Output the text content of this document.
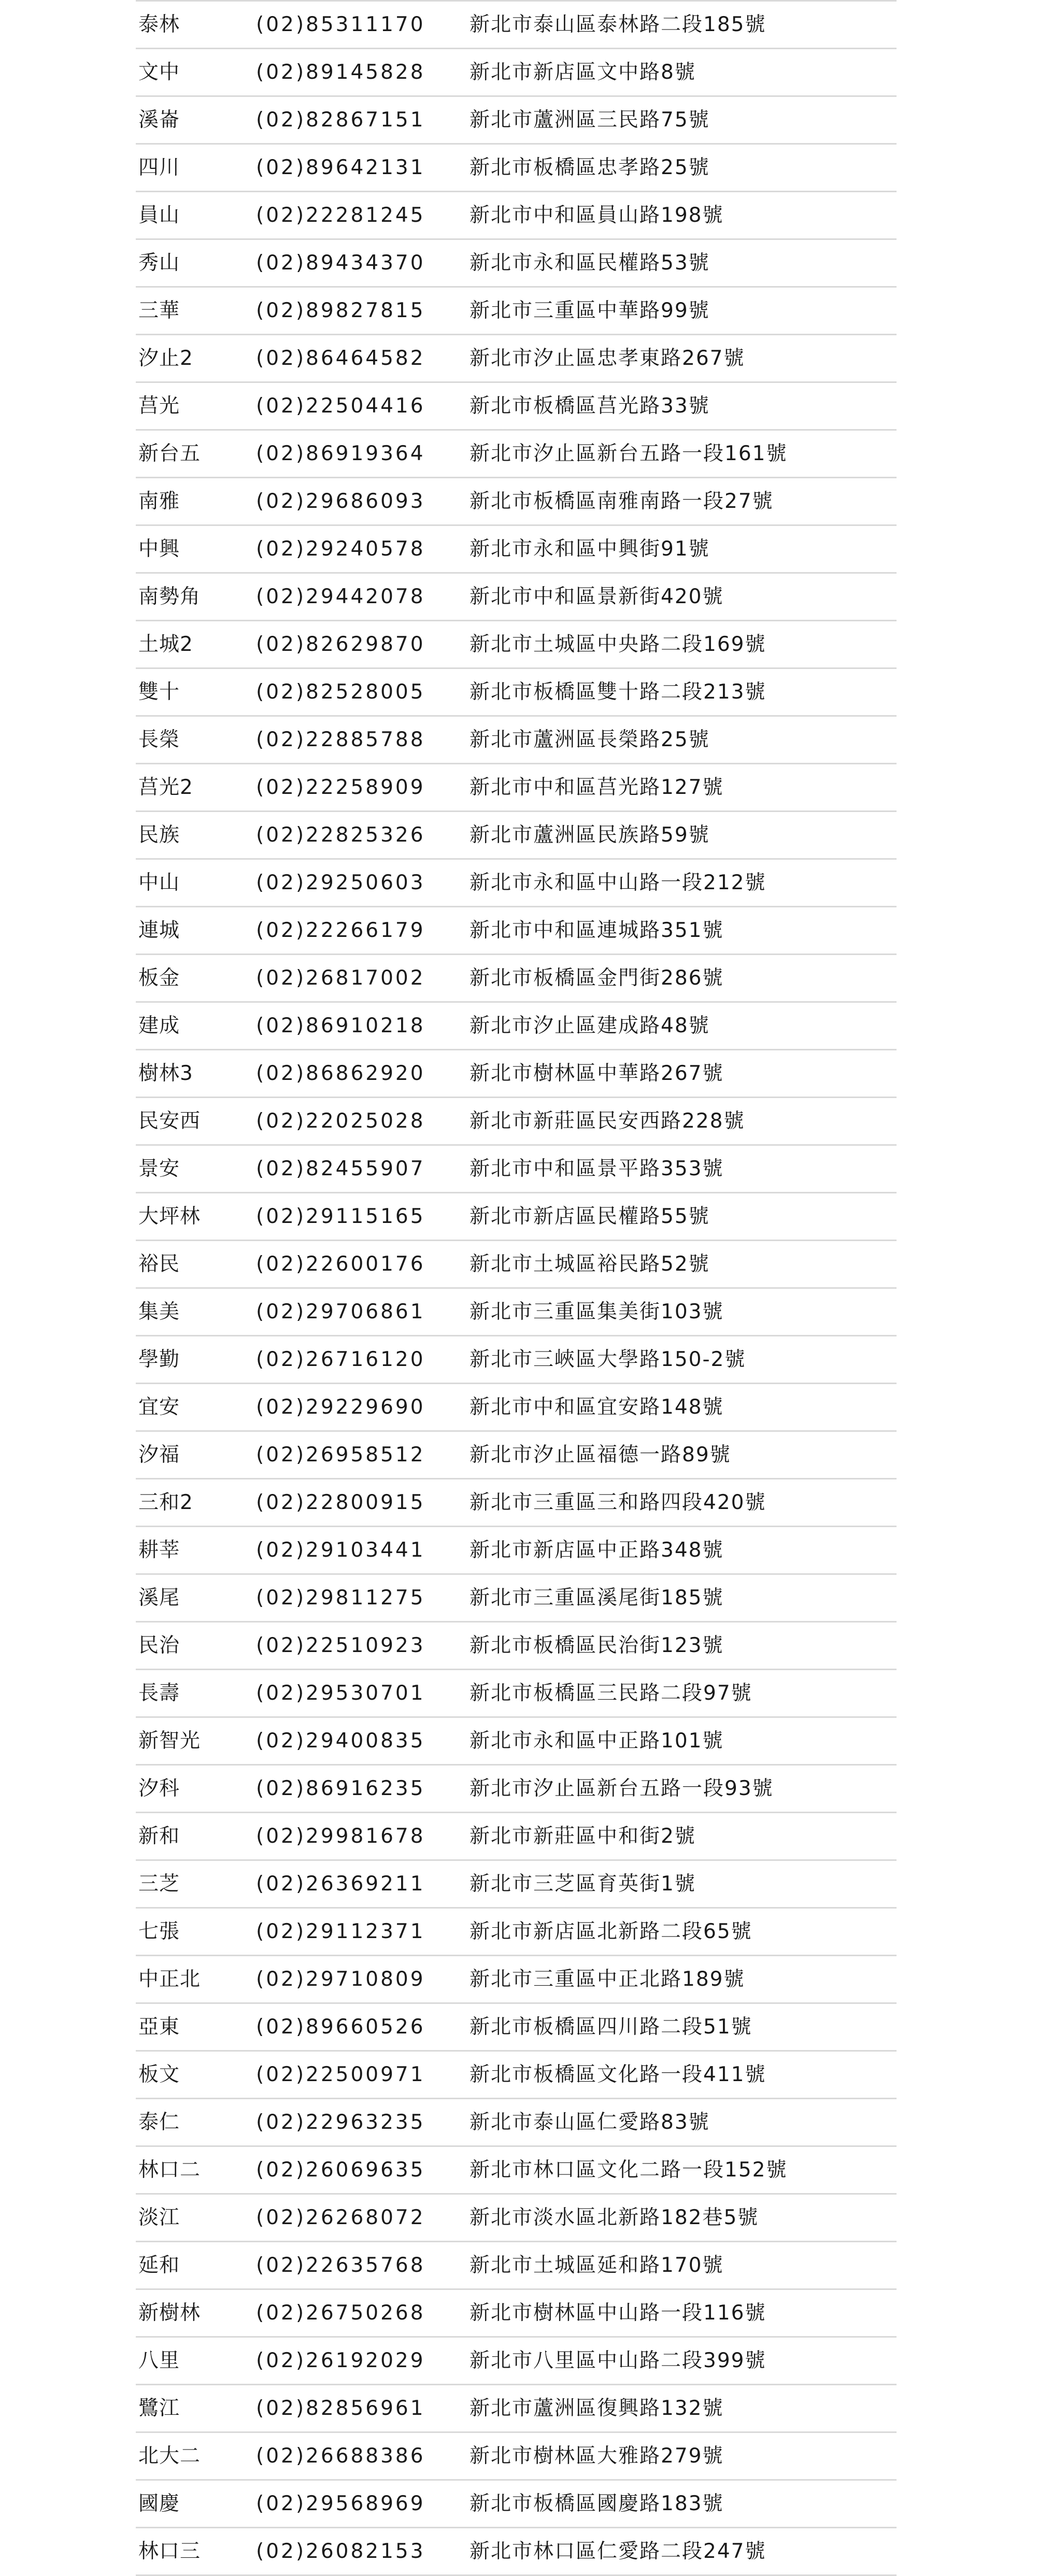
泰林	(02)85311170	新北市泰山區泰林路二段185號
文中	(02)89145828	新北市新店區文中路8號
溪崙	(02)82867151	新北市蘆洲區三民路75號
四川	(02)89642131	新北市板橋區忠孝路25號
員山	(02)22281245	新北市中和區員山路198號
秀山	(02)89434370	新北市永和區民權路53號
三華	(02)89827815	新北市三重區中華路99號
汐止2	(02)86464582	新北市汐止區忠孝東路267號
莒光	(02)22504416	新北市板橋區莒光路33號
新台五	(02)86919364	新北市汐止區新台五路一段161號
南雅	(02)29686093	新北市板橋區南雅南路一段27號
中興	(02)29240578	新北市永和區中興街91號
南勢角	(02)29442078	新北市中和區景新街420號
土城2	(02)82629870	新北市土城區中央路二段169號
雙十	(02)82528005	新北市板橋區雙十路二段213號
長榮	(02)22885788	新北市蘆洲區長榮路25號
莒光2	(02)22258909	新北市中和區莒光路127號
民族	(02)22825326	新北市蘆洲區民族路59號
中山	(02)29250603	新北市永和區中山路一段212號
連城	(02)22266179	新北市中和區連城路351號
板金	(02)26817002	新北市板橋區金門街286號
建成	(02)86910218	新北市汐止區建成路48號
樹林3	(02)86862920	新北市樹林區中華路267號
民安西	(02)22025028	新北市新莊區民安西路228號
景安	(02)82455907	新北市中和區景平路353號
大坪林	(02)29115165	新北市新店區民權路55號
裕民	(02)22600176	新北市土城區裕民路52號
集美	(02)29706861	新北市三重區集美街103號
學勤	(02)26716120	新北市三峽區大學路150-2號
宜安	(02)29229690	新北市中和區宜安路148號
汐福	(02)26958512	新北市汐止區福德一路89號
三和2	(02)22800915	新北市三重區三和路四段420號
耕莘	(02)29103441	新北市新店區中正路348號
溪尾	(02)29811275	新北市三重區溪尾街185號
民治	(02)22510923	新北市板橋區民治街123號
長壽	(02)29530701	新北市板橋區三民路二段97號
新智光	(02)29400835	新北市永和區中正路101號
汐科	(02)86916235	新北市汐止區新台五路一段93號
新和	(02)29981678	新北市新莊區中和街2號
三芝	(02)26369211	新北市三芝區育英街1號
七張	(02)29112371	新北市新店區北新路二段65號
中正北	(02)29710809	新北市三重區中正北路189號
亞東	(02)89660526	新北市板橋區四川路二段51號
板文	(02)22500971	新北市板橋區文化路一段411號
泰仁	(02)22963235	新北市泰山區仁愛路83號
林口二	(02)26069635	新北市林口區文化二路一段152號
淡江	(02)26268072	新北市淡水區北新路182巷5號
延和	(02)22635768	新北市土城區延和路170號
新樹林	(02)26750268	新北市樹林區中山路一段116號
八里	(02)26192029	新北市八里區中山路二段399號
鷺江	(02)82856961	新北市蘆洲區復興路132號
北大二	(02)26688386	新北市樹林區大雅路279號
國慶	(02)29568969	新北市板橋區國慶路183號
林口三	(02)26082153	新北市林口區仁愛路二段247號
